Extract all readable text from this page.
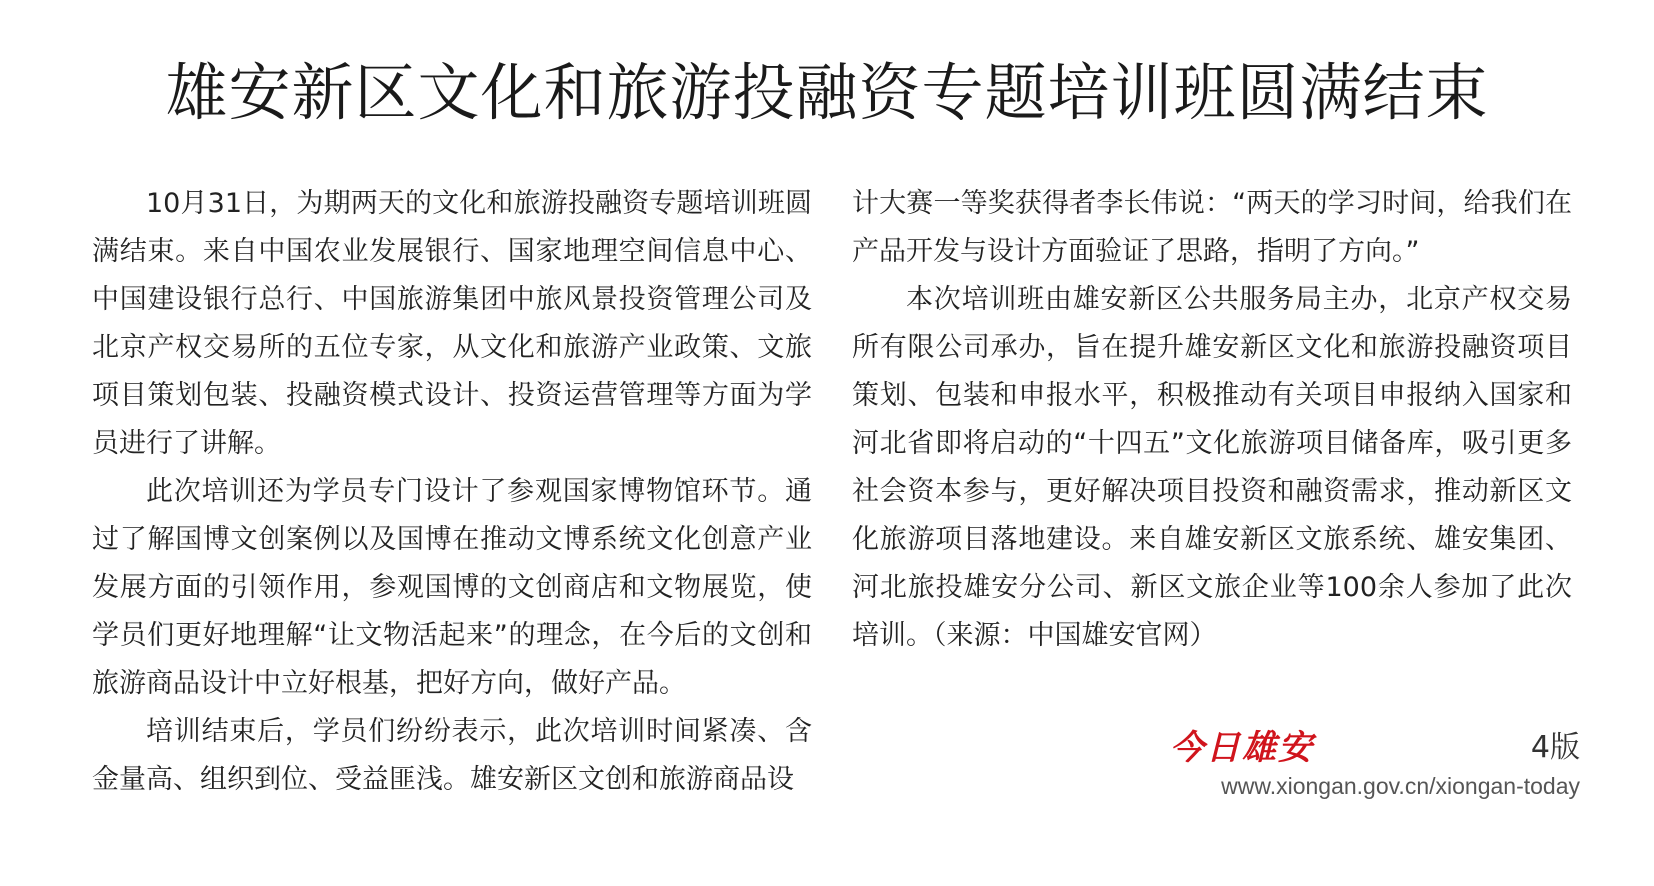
雄安新区文化和旅游投融资专题培训班圆满结束

10月31日，为期两天的文化和旅游投融资专题培训班圆满结束。来自中国农业发展银行、国家地理空间信息中心、中国建设银行总行、中国旅游集团中旅风景投资管理公司及北京产权交易所的五位专家，从文化和旅游产业政策、文旅项目策划包装、投融资模式设计、投资运营管理等方面为学员进行了讲解。

此次培训还为学员专门设计了参观国家博物馆环节。通过了解国博文创案例以及国博在推动文博系统文化创意产业发展方面的引领作用，参观国博的文创商店和文物展览，使学员们更好地理解“让文物活起来”的理念，在今后的文创和旅游商品设计中立好根基，把好方向，做好产品。

培训结束后，学员们纷纷表示，此次培训时间紧凑、含金量高、组织到位、受益匪浅。雄安新区文创和旅游商品设

计大赛一等奖获得者李长伟说：“两天的学习时间，给我们在产品开发与设计方面验证了思路，指明了方向。”

本次培训班由雄安新区公共服务局主办，北京产权交易所有限公司承办，旨在提升雄安新区文化和旅游投融资项目策划、包装和申报水平，积极推动有关项目申报纳入国家和河北省即将启动的“十四五”文化旅游项目储备库，吸引更多社会资本参与，更好解决项目投资和融资需求，推动新区文化旅游项目落地建设。来自雄安新区文旅系统、雄安集团、河北旅投雄安分公司、新区文旅企业等100余人参加了此次培训。（来源：中国雄安官网）

今日雄安	4版
www.xiongan.gov.cn/xiongan-today
